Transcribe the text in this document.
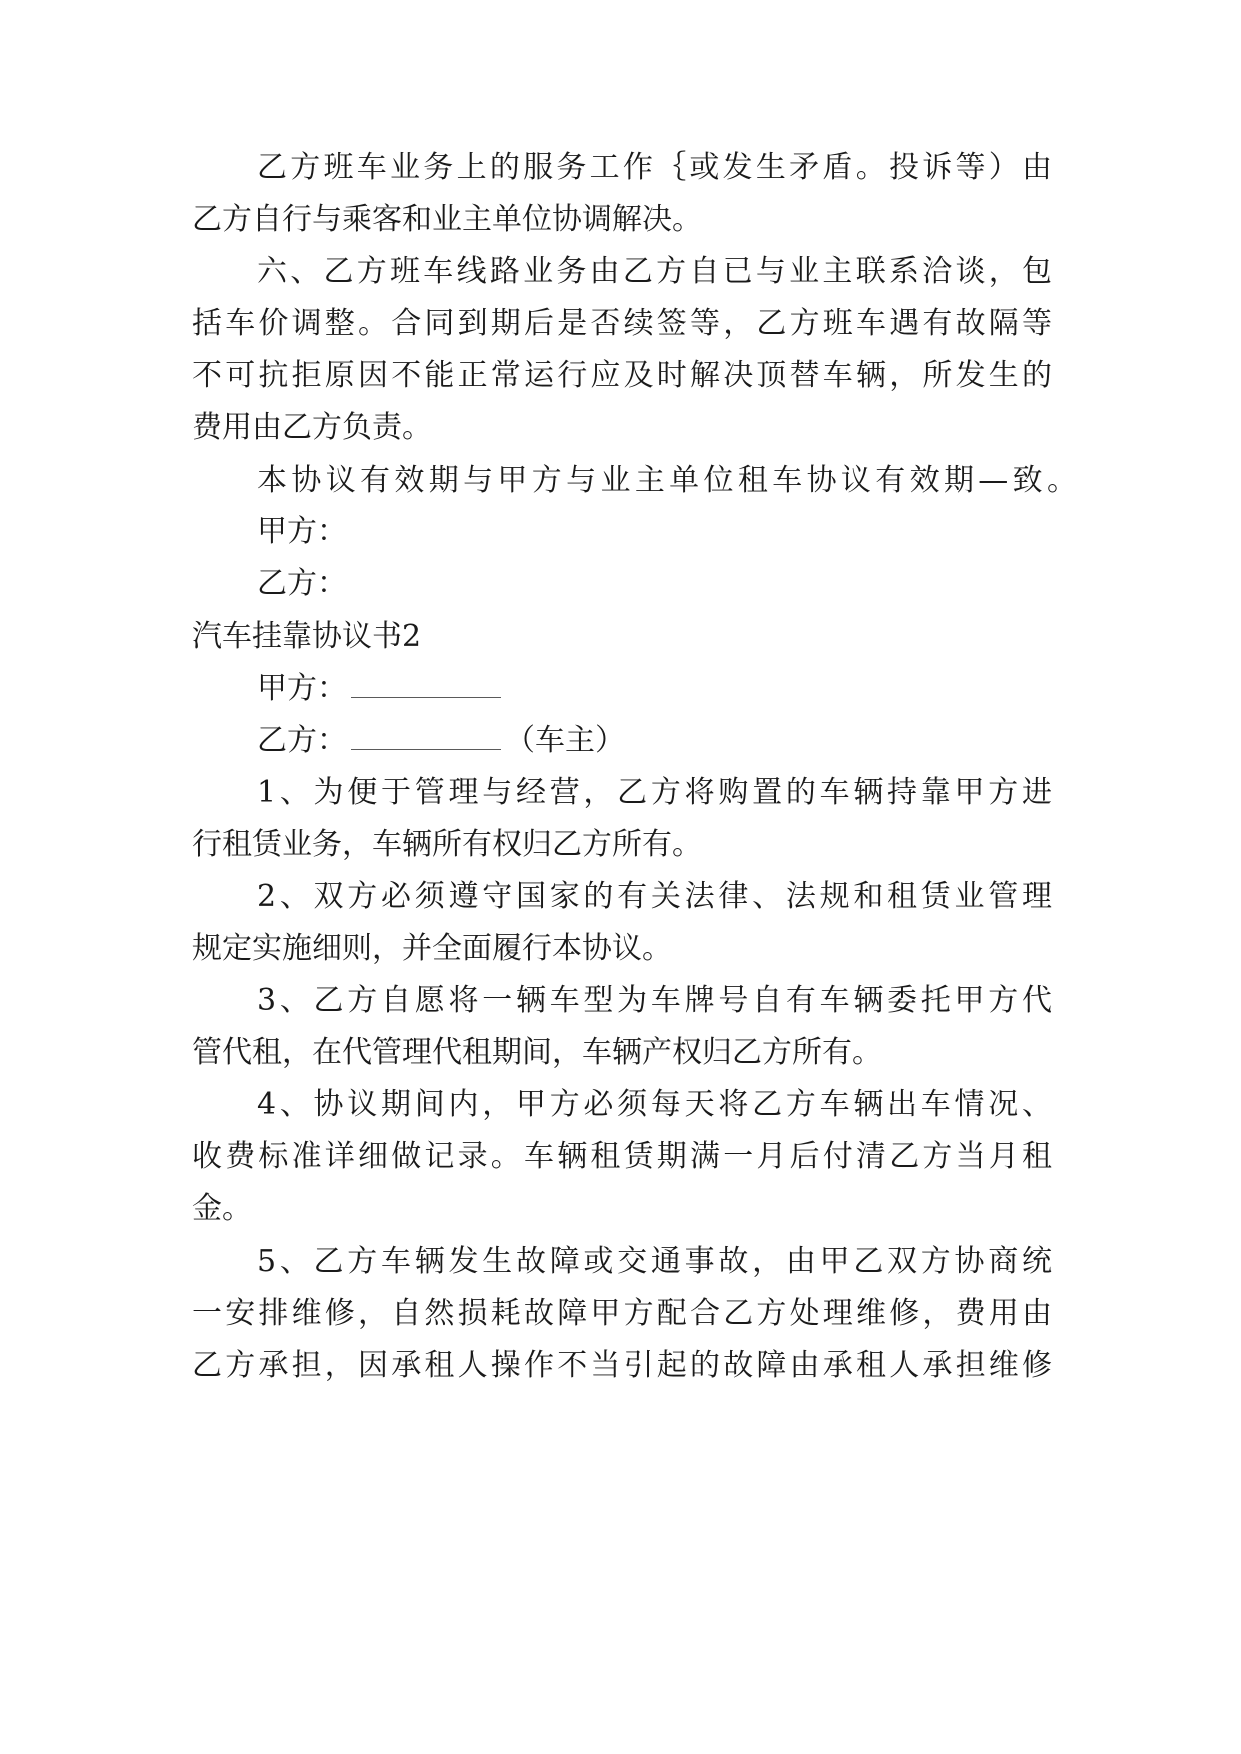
乙方班车业务上的服务工作｛或发生矛盾。投诉等）由
乙方自行与乘客和业主单位协调解决。
六、乙方班车线路业务由乙方自已与业主联系洽谈，包
括车价调整。合同到期后是否续签等，乙方班车遇有故隔等
不可抗拒原因不能正常运行应及时解决顶替车辆，所发生的
费用由乙方负责。
本协议有效期与甲方与业主单位租车协议有效期—致。
甲方：
乙方：
汽车挂靠协议书2
甲方：
乙方：	（车主）
1、为便于管理与经营，乙方将购置的车辆持靠甲方进
行租赁业务，车辆所有权归乙方所有。
2、双方必须遵守国家的有关法律、法规和租赁业管理
规定实施细则，并全面履行本协议。
3、乙方自愿将一辆车型为车牌号自有车辆委托甲方代
管代租，在代管理代租期间，车辆产权归乙方所有。
4、协议期间内，甲方必须每天将乙方车辆出车情况、
收费标准详细做记录。车辆租赁期满一月后付清乙方当月租
金。
5、乙方车辆发生故障或交通事故，由甲乙双方协商统
一安排维修，自然损耗故障甲方配合乙方处理维修，费用由
乙方承担，因承租人操作不当引起的故障由承租人承担维修
